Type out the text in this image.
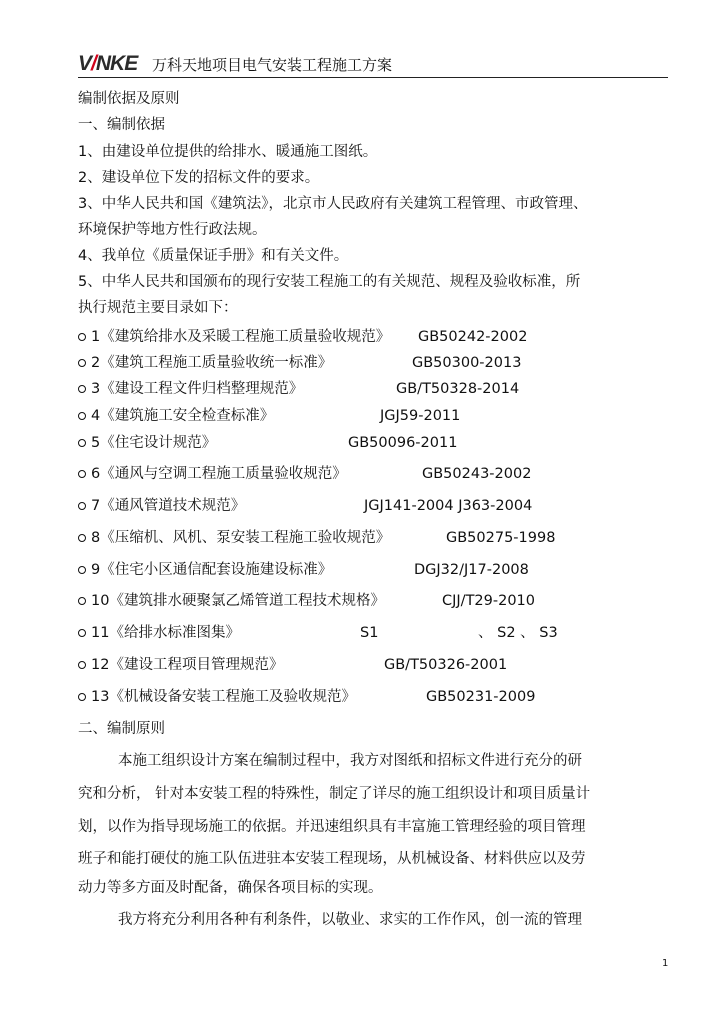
V/NKE 万科天地项目电气安装工程施工方案
编制依据及原则
一、编制依据
1、由建设单位提供的给排水、暖通施工图纸。
2、建设单位下发的招标文件的要求。
3、中华人民共和国《建筑法》，北京市人民政府有关建筑工程管理、市政管理、
环境保护等地方性行政法规。
4、我单位《质量保证手册》和有关文件。
5、中华人民共和国颁布的现行安装工程施工的有关规范、规程及验收标准，所
执行规范主要目录如下：
1《建筑给排水及采暖工程施工质量验收规范》 GB50242-2002
2《建筑工程施工质量验收统一标准》	GB50300-2013
3《建设工程文件归档整理规范》	GB/T50328-2014
4《建筑施工安全检查标准》	JGJ59-2011
5《住宅设计规范》	GB50096-2011
6《通风与空调工程施工质量验收规范》	GB50243-2002
7《通风管道技术规范》	JGJ141-2004 J363-2004
8《压缩机、风机、泵安装工程施工验收规范》	GB50275-1998
9《住宅小区通信配套设施建设标准》	DGJ32/J17-2008
10《建筑排水硬聚氯乙烯管道工程技术规格》	CJJ/T29-2010
11《给排水标准图集》	S1	、 S2 、 S3
12《建设工程项目管理规范》	GB/T50326-2001
13《机械设备安装工程施工及验收规范》	GB50231-2009
二、编制原则
本施工组织设计方案在编制过程中，我方对图纸和招标文件进行充分的研
究和分析， 针对本安装工程的特殊性，制定了详尽的施工组织设计和项目质量计
划，以作为指导现场施工的依据。并迅速组织具有丰富施工管理经验的项目管理
班子和能打硬仗的施工队伍进驻本安装工程现场，从机械设备、材料供应以及劳
动力等多方面及时配备，确保各项目标的实现。
我方将充分利用各种有利条件，以敬业、求实的工作作风，创一流的管理
1
